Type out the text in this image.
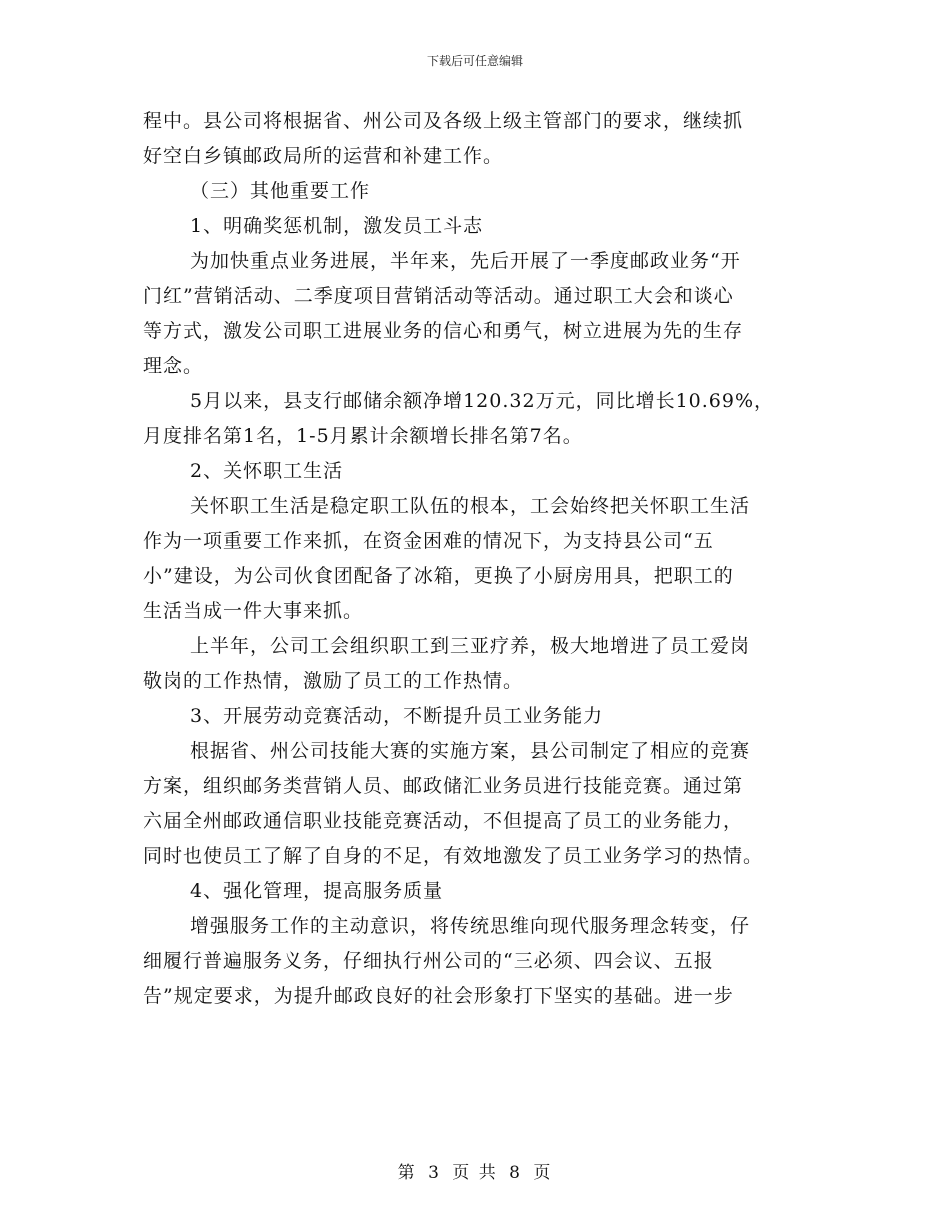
下载后可任意编辑

程中。县公司将根据省、州公司及各级上级主管部门的要求，继续抓

好空白乡镇邮政局所的运营和补建工作。

（三）其他重要工作

1、明确奖惩机制，激发员工斗志

为加快重点业务进展，半年来，先后开展了一季度邮政业务“开

门红”营销活动、二季度项目营销活动等活动。通过职工大会和谈心

等方式，激发公司职工进展业务的信心和勇气，树立进展为先的生存

理念。

5月以来，县支行邮储余额净增120.32万元，同比增长10.69%，

月度排名第1名，1-5月累计余额增长排名第7名。

2、关怀职工生活

关怀职工生活是稳定职工队伍的根本，工会始终把关怀职工生活

作为一项重要工作来抓，在资金困难的情况下，为支持县公司“五

小”建设，为公司伙食团配备了冰箱，更换了小厨房用具，把职工的

生活当成一件大事来抓。

上半年，公司工会组织职工到三亚疗养，极大地增进了员工爱岗

敬岗的工作热情，激励了员工的工作热情。

3、开展劳动竞赛活动，不断提升员工业务能力

根据省、州公司技能大赛的实施方案，县公司制定了相应的竞赛

方案，组织邮务类营销人员、邮政储汇业务员进行技能竞赛。通过第

六届全州邮政通信职业技能竞赛活动，不但提高了员工的业务能力，

同时也使员工了解了自身的不足，有效地激发了员工业务学习的热情。

4、强化管理，提高服务质量

增强服务工作的主动意识，将传统思维向现代服务理念转变，仔

细履行普遍服务义务，仔细执行州公司的“三必须、四会议、五报

告”规定要求，为提升邮政良好的社会形象打下坚实的基础。进一步

第 3 页 共 8 页
